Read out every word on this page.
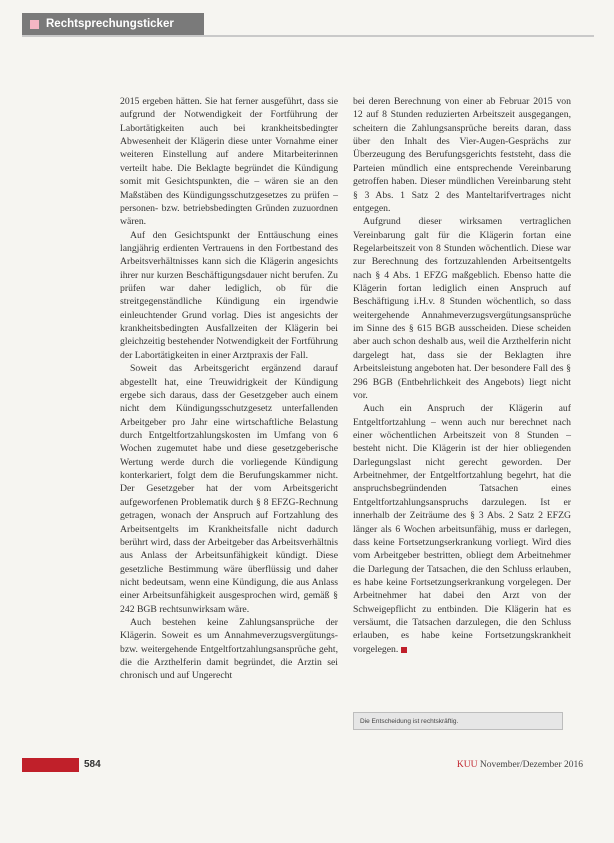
Rechtsprechungsticker

2015 ergeben hätten. Sie hat ferner ausgeführt, dass sie aufgrund der Notwendigkeit der Fortführung der Labortätigkeiten auch bei krankheitsbedingter Abwesenheit der Klägerin diese unter Vornahme einer weiteren Einstellung auf andere Mitarbeiterinnen verteilt habe. Die Beklagte begründet die Kündigung somit mit Gesichtspunkten, die – wären sie an den Maßstäben des Kündigungsschutzgesetzes zu prüfen – personen- bzw. betriebsbedingten Gründen zuzuordnen wären.

Auf den Gesichtspunkt der Enttäuschung eines langjährig erdienten Vertrauens in den Fortbestand des Arbeitsverhältnisses kann sich die Klägerin angesichts ihrer nur kurzen Beschäftigungsdauer nicht berufen. Zu prüfen war daher lediglich, ob für die streitgegenständliche Kündigung ein irgendwie einleuchtender Grund vorlag. Dies ist angesichts der krankheitsbedingten Ausfallzeiten der Klägerin bei gleichzeitig bestehender Notwendigkeit der Fortführung der Labortätigkeiten in einer Arztpraxis der Fall.

Soweit das Arbeitsgericht ergänzend darauf abgestellt hat, eine Treuwidrigkeit der Kündigung ergebe sich daraus, dass der Gesetzgeber auch einem nicht dem Kündigungsschutzgesetz unterfallenden Arbeitgeber pro Jahr eine wirtschaftliche Belastung durch Entgeltfortzahlungskosten im Umfang von 6 Wochen zugemutet habe und diese gesetzgeberische Wertung werde durch die vorliegende Kündigung konterkariert, folgt dem die Berufungskammer nicht. Der Gesetzgeber hat der vom Arbeitsgericht aufgeworfenen Problematik durch § 8 EFZG-Rechnung getragen, wonach der Anspruch auf Fortzahlung des Arbeitsentgelts im Krankheitsfalle nicht dadurch berührt wird, dass der Arbeitgeber das Arbeitsverhältnis aus Anlass der Arbeitsunfähigkeit kündigt. Diese gesetzliche Bestimmung wäre überflüssig und daher nicht bedeutsam, wenn eine Kündigung, die aus Anlass einer Arbeitsunfähigkeit ausgesprochen wird, gemäß § 242 BGB rechtsunwirksam wäre.

Auch bestehen keine Zahlungsansprüche der Klägerin. Soweit es um Annahmeverzugsvergütungs- bzw. weitergehende Entgeltfortzahlungsansprüche geht, die die Arzthelferin damit begründet, die Arztin sei chronisch und auf Ungerecht

bei deren Berechnung von einer ab Februar 2015 von 12 auf 8 Stunden reduzierten Arbeitszeit ausgegangen, scheitern die Zahlungsansprüche bereits daran, dass über den Inhalt des Vier-Augen-Gesprächs zur Überzeugung des Berufungsgerichts feststeht, dass die Parteien mündlich eine entsprechende Vereinbarung getroffen haben. Dieser mündlichen Vereinbarung steht § 3 Abs. 1 Satz 2 des Manteltarifvertrages nicht entgegen.

Aufgrund dieser wirksamen vertraglichen Vereinbarung galt für die Klägerin fortan eine Regelarbeitszeit von 8 Stunden wöchentlich. Diese war zur Berechnung des fortzuzahlenden Arbeitsentgelts nach § 4 Abs. 1 EFZG maßgeblich. Ebenso hatte die Klägerin fortan lediglich einen Anspruch auf Beschäftigung i.H.v. 8 Stunden wöchentlich, so dass weitergehende Annahmeverzugsvergütungsansprüche im Sinne des § 615 BGB ausscheiden. Diese scheiden aber auch schon deshalb aus, weil die Arzthelferin nicht dargelegt hat, dass sie der Beklagten ihre Arbeitsleistung angeboten hat. Der besondere Fall des § 296 BGB (Entbehrlichkeit des Angebots) liegt nicht vor.

Auch ein Anspruch der Klägerin auf Entgeltfortzahlung – wenn auch nur berechnet nach einer wöchentlichen Arbeitszeit von 8 Stunden – besteht nicht. Die Klägerin ist der hier obliegenden Darlegungslast nicht gerecht geworden. Der Arbeitnehmer, der Entgeltfortzahlung begehrt, hat die anspruchsbegründenden Tatsachen eines Entgeltfortzahlungsanspruchs darzulegen. Ist er innerhalb der Zeiträume des § 3 Abs. 2 Satz 2 EFZG länger als 6 Wochen arbeitsunfähig, muss er darlegen, dass keine Fortsetzungserkrankung vorliegt. Wird dies vom Arbeitgeber bestritten, obliegt dem Arbeitnehmer die Darlegung der Tatsachen, die den Schluss erlauben, es habe keine Fortsetzungserkrankung vorgelegen. Der Arbeitnehmer hat dabei den Arzt von der Schweigepflicht zu entbinden. Die Klägerin hat es versäumt, die Tatsachen darzulegen, die den Schluss erlauben, es habe keine Fortsetzungskrankheit vorgelegen.

Die Entscheidung ist rechtskräftig.
584	KUU November/Dezember 2016
